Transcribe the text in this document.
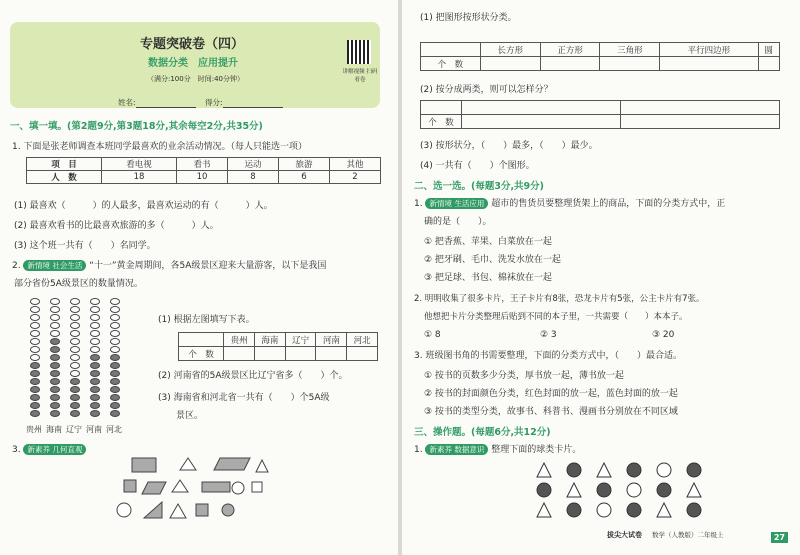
专题突破卷（四）
数据分类　应用提升
（满分:100分　时间:40分钟）
讲解视频 扫码看卷
姓名:	得分:
一、填一填。(第2题9分,第3题18分,其余每空2分,共35分)
1. 下面是张老师调查本班同学最喜欢的业余活动情况。（每人只能选一项）
项　目	看电视	看书	运动	旅游	其他
人　数	18	10	8	6	2
(1) 最喜欢（　　　）的人最多，最喜欢运动的有（　　　）人。
(2) 最喜欢看书的比最喜欢旅游的多（　　　）人。
(3) 这个班一共有（　　）名同学。
2. 新情境 社会生活 “十一”黄金周期间，各5A级景区迎来大量游客，以下是我国
部分省份5A级景区的数量情况。
贵州 海南 辽宁 河南 河北
(1) 根据左图填写下表。
	贵州	海南	辽宁	河南	河北
个　数					
(2) 河南省的5A级景区比辽宁省多（　　）个。
(3) 海南省和河北省一共有（　　）个5A级
景区。
3. 新素养 几何直观
(1) 把图形按形状分类。
	长方形	正方形	三角形	平行四边形	圆
个　数					
(2) 按分成两类，则可以怎样分？

个　数		
(3) 按形状分，（　　）最多，（　　）最少。
(4) 一共有（　　）个图形。
二、选一选。(每题3分,共9分)
1. 新情境 生活应用 超市的售货员要整理货架上的商品，下面的分类方式中，正
确的是（　　）。
① 把香蕉、苹果、白菜放在一起
② 把牙刷、毛巾、洗发水放在一起
③ 把足球、书包、棉袜放在一起
2. 明明收集了很多卡片，王子卡片有8张，恐龙卡片有5张，公主卡片有7张。
他想把卡片分类整理后贴到不同的本子里，一共需要（　　）本本子。
① 8	② 3	③ 20
3. 班级图书角的书需要整理，下面的分类方式中，（　　）最合适。
① 按书的页数多少分类，厚书放一起，薄书放一起
② 按书的封面颜色分类，红色封面的放一起，蓝色封面的放一起
③ 按书的类型分类，故事书、科普书、漫画书分别放在不同区域
三、操作题。(每题6分,共12分)
1. 新素养 数据意识 整理下面的球类卡片。
拔尖大试卷 数学（人教版）二年级上	27
